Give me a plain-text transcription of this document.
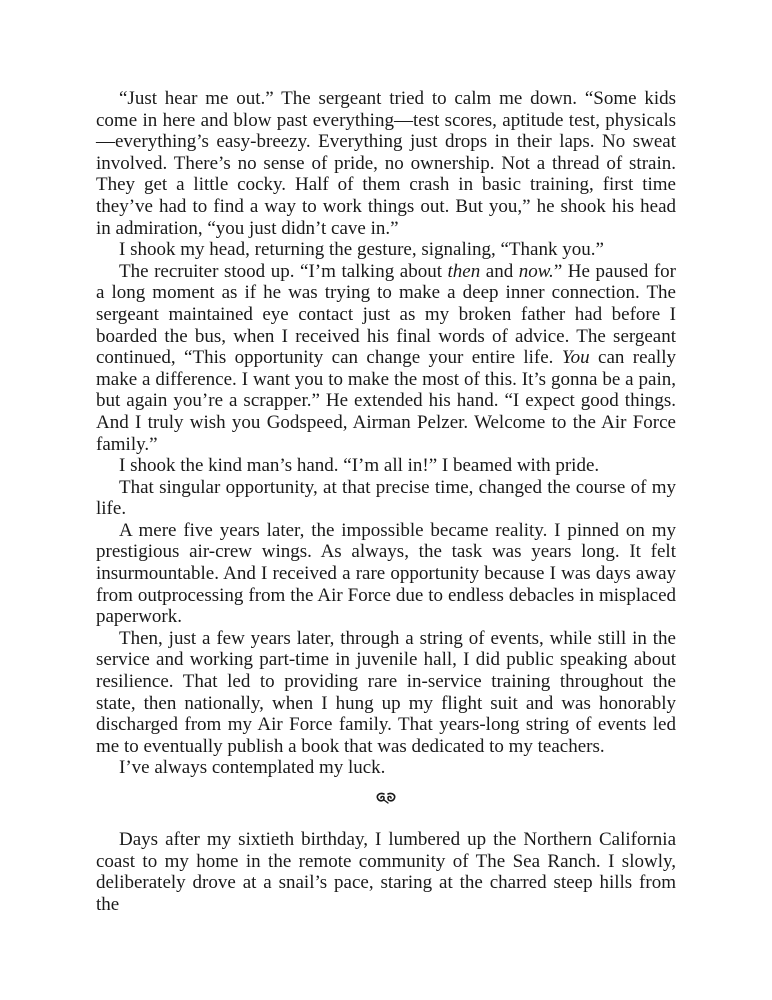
“Just hear me out.” The sergeant tried to calm me down. “Some kids come in here and blow past everything—test scores, aptitude test, physicals —everything’s easy-breezy. Everything just drops in their laps. No sweat involved. There’s no sense of pride, no ownership. Not a thread of strain. They get a little cocky. Half of them crash in basic training, first time they’ve had to find a way to work things out. But you,” he shook his head in admiration, “you just didn’t cave in.”

I shook my head, returning the gesture, signaling, “Thank you.”

The recruiter stood up. “I’m talking about then and now.” He paused for a long moment as if he was trying to make a deep inner connection. The sergeant maintained eye contact just as my broken father had before I boarded the bus, when I received his final words of advice. The sergeant continued, “This opportunity can change your entire life. You can really make a difference. I want you to make the most of this. It’s gonna be a pain, but again you’re a scrapper.” He extended his hand. “I expect good things. And I truly wish you Godspeed, Airman Pelzer. Welcome to the Air Force family.”

I shook the kind man’s hand. “I’m all in!” I beamed with pride.

That singular opportunity, at that precise time, changed the course of my life.

A mere five years later, the impossible became reality. I pinned on my prestigious air-crew wings. As always, the task was years long. It felt insurmountable. And I received a rare opportunity because I was days away from outprocessing from the Air Force due to endless debacles in misplaced paperwork.

Then, just a few years later, through a string of events, while still in the service and working part-time in juvenile hall, I did public speaking about resilience. That led to providing rare in-service training throughout the state, then nationally, when I hung up my flight suit and was honorably discharged from my Air Force family. That years-long string of events led me to eventually publish a book that was dedicated to my teachers.

I’ve always contemplated my luck.

Days after my sixtieth birthday, I lumbered up the Northern California coast to my home in the remote community of The Sea Ranch. I slowly, deliberately drove at a snail’s pace, staring at the charred steep hills from the
